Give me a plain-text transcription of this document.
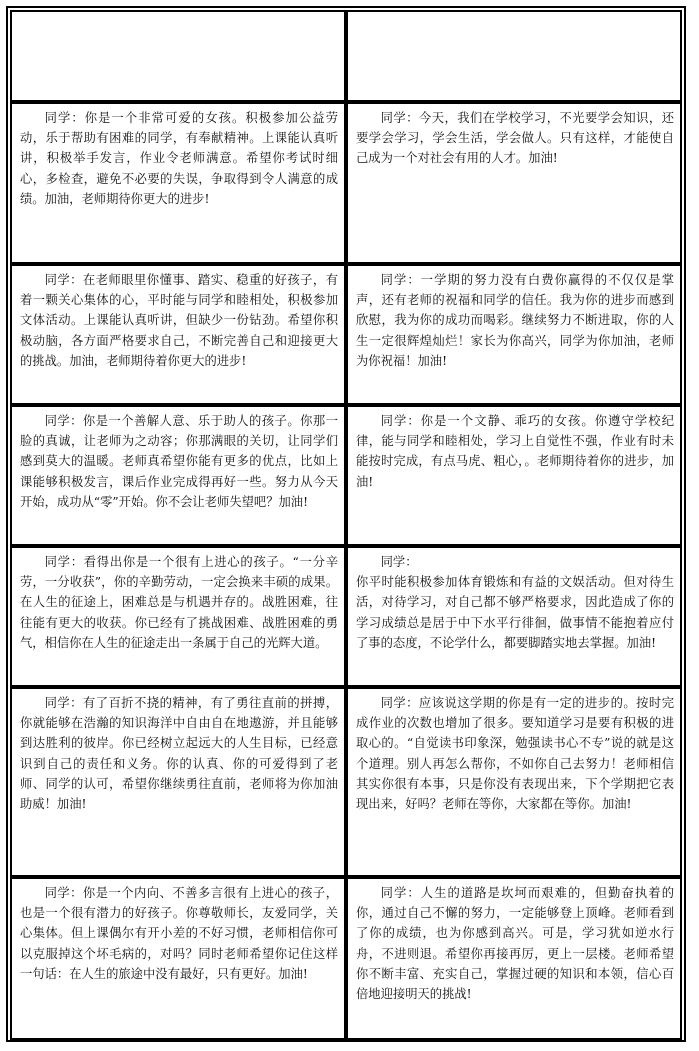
同学：你是一个非常可爱的女孩。积极参加公益劳动，乐于帮助有困难的同学，有奉献精神。上课能认真听讲，积极举手发言，作业令老师满意。希望你考试时细心，多检查，避免不必要的失误，争取得到令人满意的成绩。加油，老师期待你更大的进步!

同学：今天，我们在学校学习，不光要学会知识，还要学会学习，学会生活，学会做人。只有这样，才能使自己成为一个对社会有用的人才。加油!

同学：在老师眼里你懂事、踏实、稳重的好孩子，有着一颗关心集体的心，平时能与同学和睦相处，积极参加文体活动。上课能认真听讲，但缺少一份钻劲。希望你积极动脑，各方面严格要求自己，不断完善自己和迎接更大的挑战。加油，老师期待着你更大的进步!

同学：一学期的努力没有白费你赢得的不仅仅是掌声，还有老师的祝福和同学的信任。我为你的进步而感到欣慰，我为你的成功而喝彩。继续努力不断进取，你的人生一定很辉煌灿烂！家长为你高兴，同学为你加油，老师为你祝福！加油!

同学：你是一个善解人意、乐于助人的孩子。你那一脸的真诚，让老师为之动容；你那满眼的关切，让同学们感到莫大的温暖。老师真希望你能有更多的优点，比如上课能够积极发言，课后作业完成得再好一些。努力从今天开始，成功从“零”开始。你不会让老师失望吧？加油!

同学：你是一个文静、乖巧的女孩。你遵守学校纪律，能与同学和睦相处，学习上自觉性不强，作业有时未能按时完成，有点马虎、粗心，。老师期待着你的进步，加油!

同学：看得出你是一个很有上进心的孩子。“一分辛劳，一分收获”，你的辛勤劳动，一定会换来丰硕的成果。在人生的征途上，困难总是与机遇并存的。战胜困难，往往能有更大的收获。你已经有了挑战困难、战胜困难的勇气，相信你在人生的征途走出一条属于自己的光辉大道。

同学：

你平时能积极参加体育锻炼和有益的文娱活动。但对待生活，对待学习，对自己都不够严格要求，因此造成了你的学习成绩总是居于中下水平行徘徊，做事情不能抱着应付了事的态度，不论学什么，都要脚踏实地去掌握。加油!

同学：有了百折不挠的精神，有了勇往直前的拼搏，你就能够在浩瀚的知识海洋中自由自在地遨游，并且能够到达胜利的彼岸。你已经树立起远大的人生目标，已经意识到自己的责任和义务。你的认真、你的可爱得到了老师、同学的认可，希望你继续勇往直前，老师将为你加油助威！加油!

同学：应该说这学期的你是有一定的进步的。按时完成作业的次数也增加了很多。要知道学习是要有积极的进取心的。“自觉读书印象深，勉强读书心不专”说的就是这个道理。别人再怎么帮你，不如你自己去努力！老师相信其实你很有本事，只是你没有表现出来，下个学期把它表现出来，好吗？老师在等你，大家都在等你。加油!

同学：你是一个内向、不善多言很有上进心的孩子，也是一个很有潜力的好孩子。你尊敬师长，友爱同学，关心集体。但上课偶尔有开小差的不好习惯，老师相信你可以克服掉这个坏毛病的，对吗？同时老师希望你记住这样一句话：在人生的旅途中没有最好，只有更好。加油!

同学：人生的道路是坎坷而艰难的，但勤奋执着的你，通过自己不懈的努力，一定能够登上顶峰。老师看到了你的成绩，也为你感到高兴。可是，学习犹如逆水行舟，不进则退。希望你再接再厉，更上一层楼。老师希望你不断丰富、充实自己，掌握过硬的知识和本领，信心百倍地迎接明天的挑战!
